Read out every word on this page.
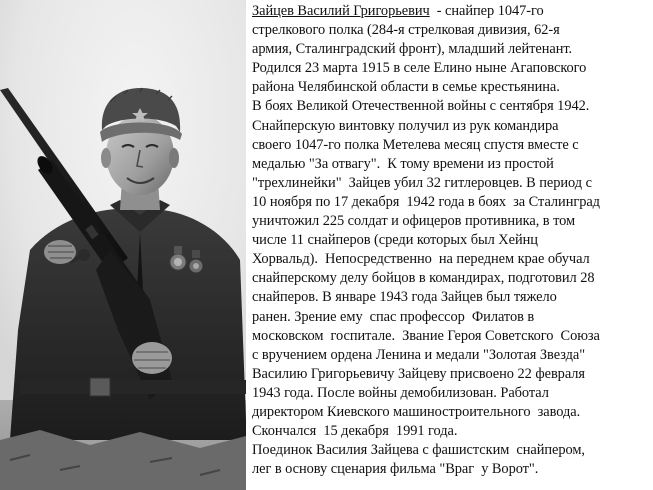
Зайцев Василий Григорьевич  - снайпер 1047-го
стрелкового полка (284-я стрелковая дивизия, 62-я
армия, Сталинградский фронт), младший лейтенант.
Родился 23 марта 1915 в селе Елино ныне Агаповского
района Челябинской области в семье крестьянина.
В боях Великой Отечественной войны с сентября 1942.
Снайперскую винтовку получил из рук командира
своего 1047-го полка Метелева месяц спустя вместе с
медалью "За отвагу".  К тому времени из простой
"трехлинейки"  Зайцев убил 32 гитлеровцев. В период с
10 ноября по 17 декабря  1942 года в боях  за Сталинград
уничтожил 225 солдат и офицеров противника, в том
числе 11 снайперов (среди которых был Хейнц
Хорвальд).  Непосредственно  на переднем крае обучал
снайперскому делу бойцов в командирах, подготовил 28
снайперов. В январе 1943 года Зайцев был тяжело
ранен. Зрение ему  спас профессор  Филатов в
московском  госпитале.  Звание Героя Советского  Союза
с вручением ордена Ленина и медали "Золотая Звезда"
Василию Григорьевичу Зайцеву присвоено 22 февраля
1943 года. После войны демобилизован. Работал
директором Киевского машиностроительного  завода.
Скончался  15 декабря  1991 года.
Поединок Василия Зайцева с фашистским  снайпером,
лег в основу сценария фильма "Враг  у Ворот".
